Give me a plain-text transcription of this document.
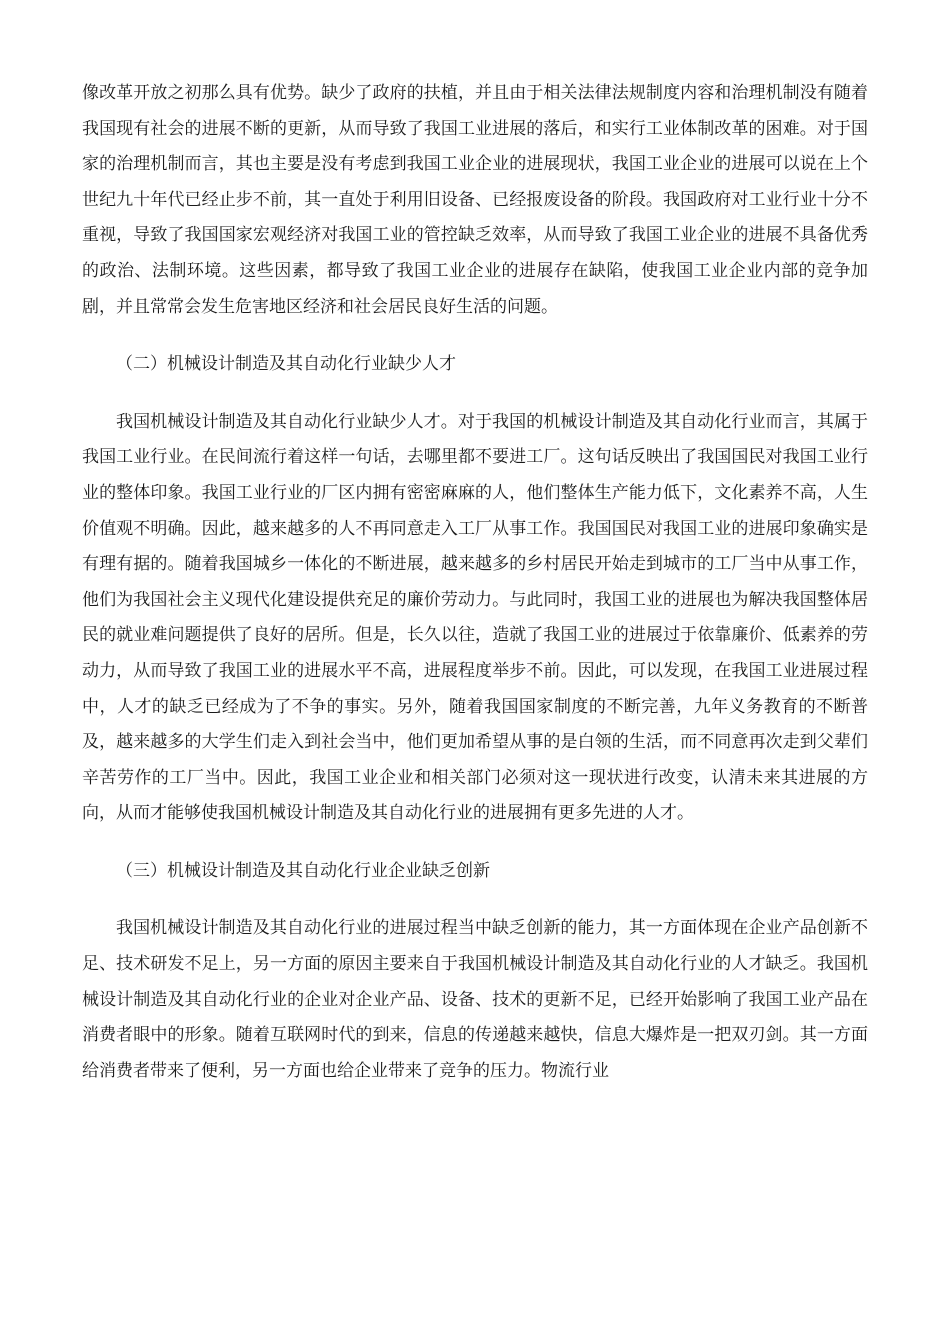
像改革开放之初那么具有优势。缺少了政府的扶植，并且由于相关法律法规制度内容和治理机制没有随着我国现有社会的进展不断的更新，从而导致了我国工业进展的落后，和实行工业体制改革的困难。对于国家的治理机制而言，其也主要是没有考虑到我国工业企业的进展现状，我国工业企业的进展可以说在上个世纪九十年代已经止步不前，其一直处于利用旧设备、已经报废设备的阶段。我国政府对工业行业十分不重视，导致了我国国家宏观经济对我国工业的管控缺乏效率，从而导致了我国工业企业的进展不具备优秀的政治、法制环境。这些因素，都导致了我国工业企业的进展存在缺陷，使我国工业企业内部的竞争加剧，并且常常会发生危害地区经济和社会居民良好生活的问题。

（二）机械设计制造及其自动化行业缺少人才

我国机械设计制造及其自动化行业缺少人才。对于我国的机械设计制造及其自动化行业而言，其属于我国工业行业。在民间流行着这样一句话，去哪里都不要进工厂。这句话反映出了我国国民对我国工业行业的整体印象。我国工业行业的厂区内拥有密密麻麻的人，他们整体生产能力低下，文化素养不高，人生价值观不明确。因此，越来越多的人不再同意走入工厂从事工作。我国国民对我国工业的进展印象确实是有理有据的。随着我国城乡一体化的不断进展，越来越多的乡村居民开始走到城市的工厂当中从事工作，他们为我国社会主义现代化建设提供充足的廉价劳动力。与此同时，我国工业的进展也为解决我国整体居民的就业难问题提供了良好的居所。但是，长久以往，造就了我国工业的进展过于依靠廉价、低素养的劳动力，从而导致了我国工业的进展水平不高，进展程度举步不前。因此，可以发现，在我国工业进展过程中，人才的缺乏已经成为了不争的事实。另外，随着我国国家制度的不断完善，九年义务教育的不断普及，越来越多的大学生们走入到社会当中，他们更加希望从事的是白领的生活，而不同意再次走到父辈们辛苦劳作的工厂当中。因此，我国工业企业和相关部门必须对这一现状进行改变，认清未来其进展的方向，从而才能够使我国机械设计制造及其自动化行业的进展拥有更多先进的人才。

（三）机械设计制造及其自动化行业企业缺乏创新

我国机械设计制造及其自动化行业的进展过程当中缺乏创新的能力，其一方面体现在企业产品创新不足、技术研发不足上，另一方面的原因主要来自于我国机械设计制造及其自动化行业的人才缺乏。我国机械设计制造及其自动化行业的企业对企业产品、设备、技术的更新不足，已经开始影响了我国工业产品在消费者眼中的形象。随着互联网时代的到来，信息的传递越来越快，信息大爆炸是一把双刃剑。其一方面给消费者带来了便利，另一方面也给企业带来了竞争的压力。物流行业
